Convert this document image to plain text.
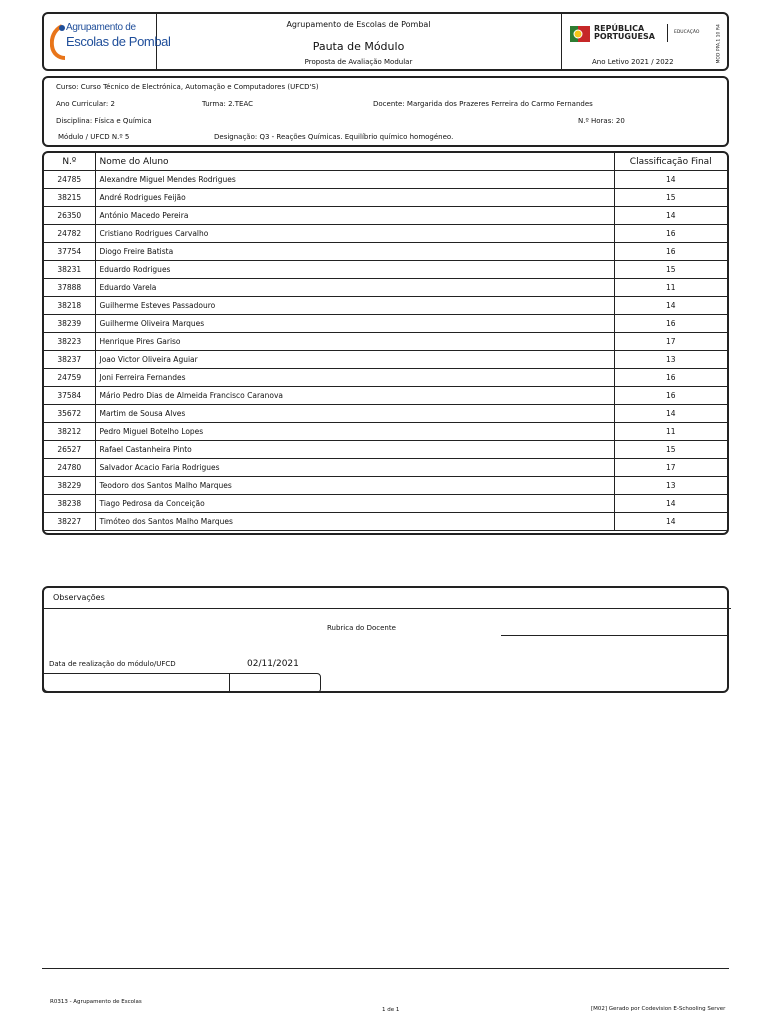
Agrupamento de
Escolas de Pombal
Agrupamento de Escolas de Pombal
Pauta de Módulo
Proposta de Avaliação Modular
REPÚBLICA
PORTUGUESA	EDUCAÇÃO
Ano Letivo 2021 / 2022	MOD PPA.1 10 R4
Curso: Curso Técnico de Electrónica, Automação e Computadores (UFCD'S)
Ano Curricular: 2	Turma: 2.TEAC	Docente: Margarida dos Prazeres Ferreira do Carmo Fernandes
Disciplina: Física e Química	N.º Horas: 20
Módulo / UFCD N.º 5	Designação: Q3 - Reações Químicas. Equilíbrio químico homogéneo.
N.º	Nome do Aluno	Classificação Final
24785	Alexandre Miguel Mendes Rodrigues	14
38215	André Rodrigues Feijão	15
26350	António Macedo Pereira	14
24782	Cristiano Rodrigues Carvalho	16
37754	Diogo Freire Batista	16
38231	Eduardo Rodrigues	15
37888	Eduardo Varela	11
38218	Guilherme Esteves Passadouro	14
38239	Guilherme Oliveira Marques	16
38223	Henrique Pires Gariso	17
38237	Joao Victor Oliveira Aguiar	13
24759	Joni Ferreira Fernandes	16
37584	Mário Pedro Dias de Almeida Francisco Caranova	16
35672	Martim de Sousa Alves	14
38212	Pedro Miguel Botelho Lopes	11
26527	Rafael Castanheira Pinto	15
24780	Salvador Acacio Faria Rodrigues	17
38229	Teodoro dos Santos Malho Marques	13
38238	Tiago Pedrosa da Conceição	14
38227	Timóteo dos Santos Malho Marques	14
Observações
Rubrica do Docente
Data de realização do módulo/UFCD	02/11/2021
R0313 - Agrupamento de Escolas
1 de 1	[M02] Gerado por Codevision E-Schooling Server
